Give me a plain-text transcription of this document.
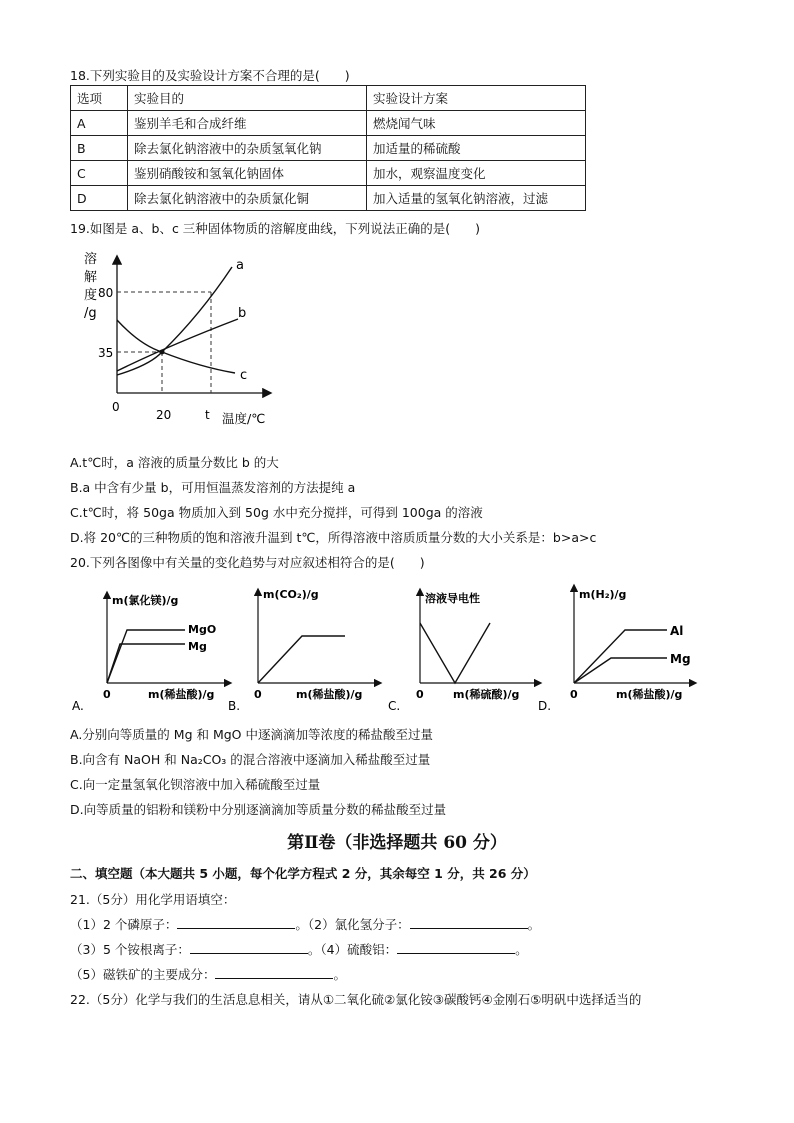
18.下列实验目的及实验设计方案不合理的是(　　)
选项	实验目的	实验设计方案
A	鉴别羊毛和合成纤维	燃烧闻气味
B	除去氯化钠溶液中的杂质氢氧化钠	加适量的稀硫酸
C	鉴别硝酸铵和氢氧化钠固体	加水，观察温度变化
D	除去氯化钠溶液中的杂质氯化铜	加入适量的氢氧化钠溶液，过滤
19.如图是 a、b、c 三种固体物质的溶解度曲线，下列说法正确的是(　　)
溶
解
度
/g
80
35
0
20	t 温度/℃
a
b
c
A.t℃时，a 溶液的质量分数比 b 的大
B.a 中含有少量 b，可用恒温蒸发溶剂的方法提纯 a
C.t℃时，将 50ga 物质加入到 50g 水中充分搅拌，可得到 100ga 的溶液
D.将 20℃的三种物质的饱和溶液升温到 t℃，所得溶液中溶质质量分数的大小关系是：b>a>c
20.下列各图像中有关量的变化趋势与对应叙述相符合的是(　　)
m(氯化镁)/g
0	m(稀盐酸)/g
A.
MgO
Mg
m(CO₂)/g
0	m(稀盐酸)/g
B.
溶液导电性
0	m(稀硫酸)/g
C.
m(H₂)/g
0	m(稀盐酸)/g
D.
Al
Mg
A.分别向等质量的 Mg 和 MgO 中逐滴滴加等浓度的稀盐酸至过量
B.向含有 NaOH 和 Na₂CO₃ 的混合溶液中逐滴加入稀盐酸至过量
C.向一定量氢氧化钡溶液中加入稀硫酸至过量
D.向等质量的铝粉和镁粉中分别逐滴滴加等质量分数的稀盐酸至过量
第Ⅱ卷（非选择题共 60 分）
二、填空题（本大题共 5 小题，每个化学方程式 2 分，其余每空 1 分，共 26 分）
21.（5分）用化学用语填空：
（1）2 个磷原子：	。（2）氯化氢分子：	。
（3）5 个铵根离子：	。（4）硫酸铝：	。
（5）磁铁矿的主要成分：	。
22.（5分）化学与我们的生活息息相关，请从①二氧化硫②氯化铵③碳酸钙④金刚石⑤明矾中选择适当的
